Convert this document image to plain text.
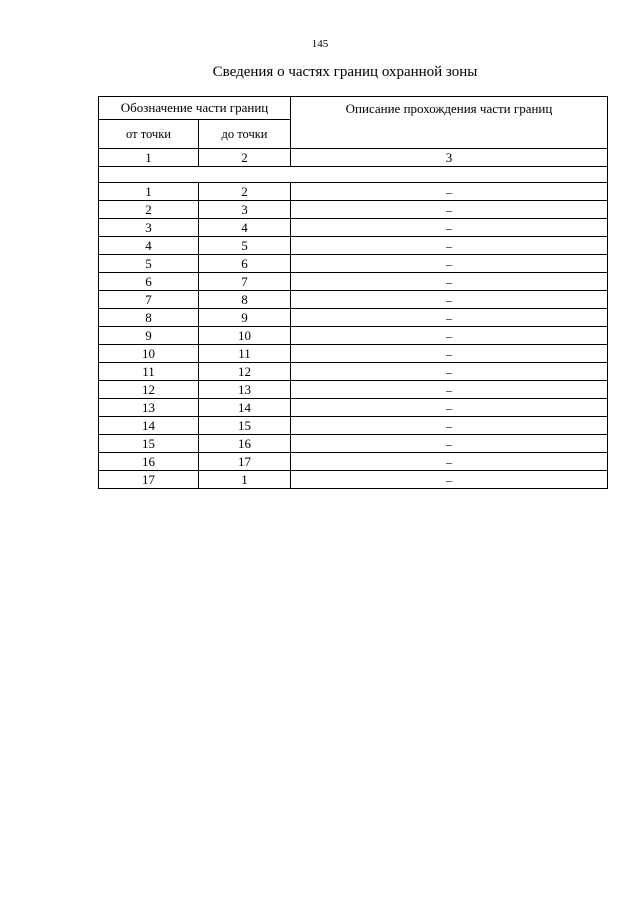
145
Сведения о частях границ охранной зоны
Обозначение части границ		Описание прохождения части границ
от точки	до точки	
1	2	3

1	2	–
2	3	–
3	4	–
4	5	–
5	6	–
6	7	–
7	8	–
8	9	–
9	10	–
10	11	–
11	12	–
12	13	–
13	14	–
14	15	–
15	16	–
16	17	–
17	1	–
